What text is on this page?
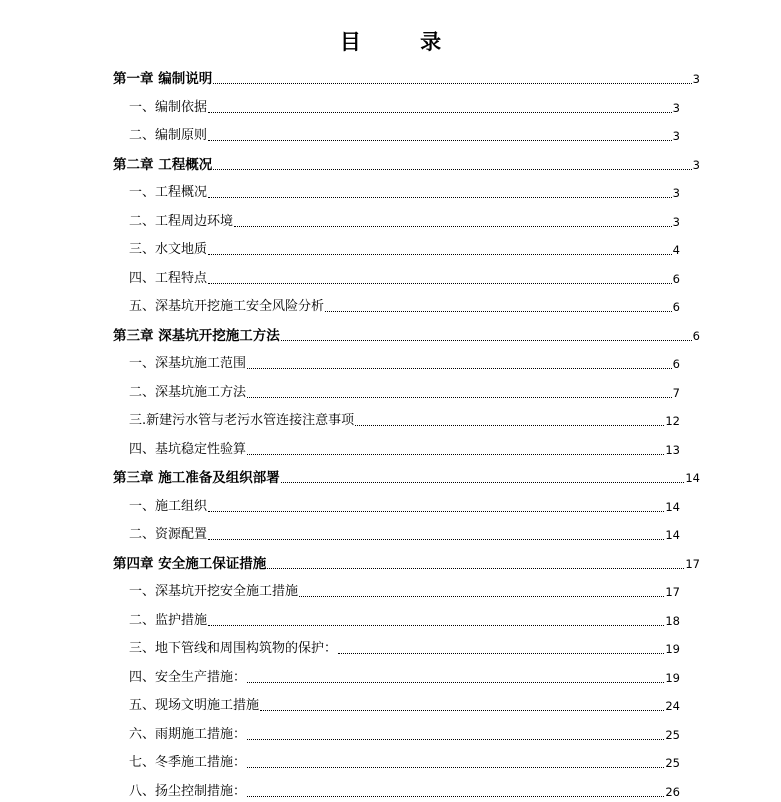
目 录
第一章 编制说明	3
一、编制依据	3
二、编制原则	3
第二章 工程概况	3
一、工程概况	3
二、工程周边环境	3
三、水文地质	4
四、工程特点	6
五、深基坑开挖施工安全风险分析	6
第三章 深基坑开挖施工方法	6
一、深基坑施工范围	6
二、深基坑施工方法	7
三.新建污水管与老污水管连接注意事项	12
四、基坑稳定性验算	13
第三章 施工准备及组织部署	14
一、施工组织	14
二、资源配置	14
第四章 安全施工保证措施	17
一、深基坑开挖安全施工措施	17
二、监护措施	18
三、地下管线和周围构筑物的保护：	19
四、安全生产措施：	19
五、现场文明施工措施	24
六、雨期施工措施：	25
七、冬季施工措施：	25
八、扬尘控制措施：	26
